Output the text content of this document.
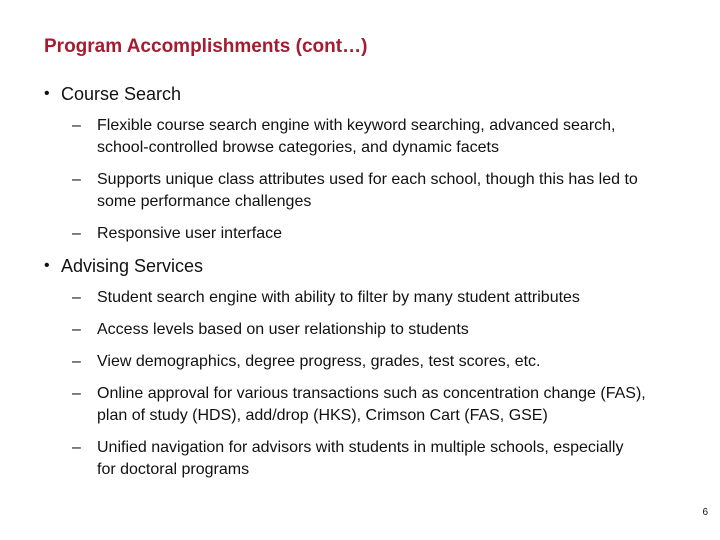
Program Accomplishments (cont…)
• Course Search
– Flexible course search engine with keyword searching, advanced search, school-controlled browse categories, and dynamic facets
– Supports unique class attributes used for each school, though this has led to some performance challenges
– Responsive user interface
• Advising Services
– Student search engine with ability to filter by many student attributes
– Access levels based on user relationship to students
– View demographics, degree progress, grades, test scores, etc.
– Online approval for various transactions such as concentration change (FAS), plan of study (HDS), add/drop (HKS), Crimson Cart (FAS, GSE)
– Unified navigation for advisors with students in multiple schools, especially for doctoral programs
6
